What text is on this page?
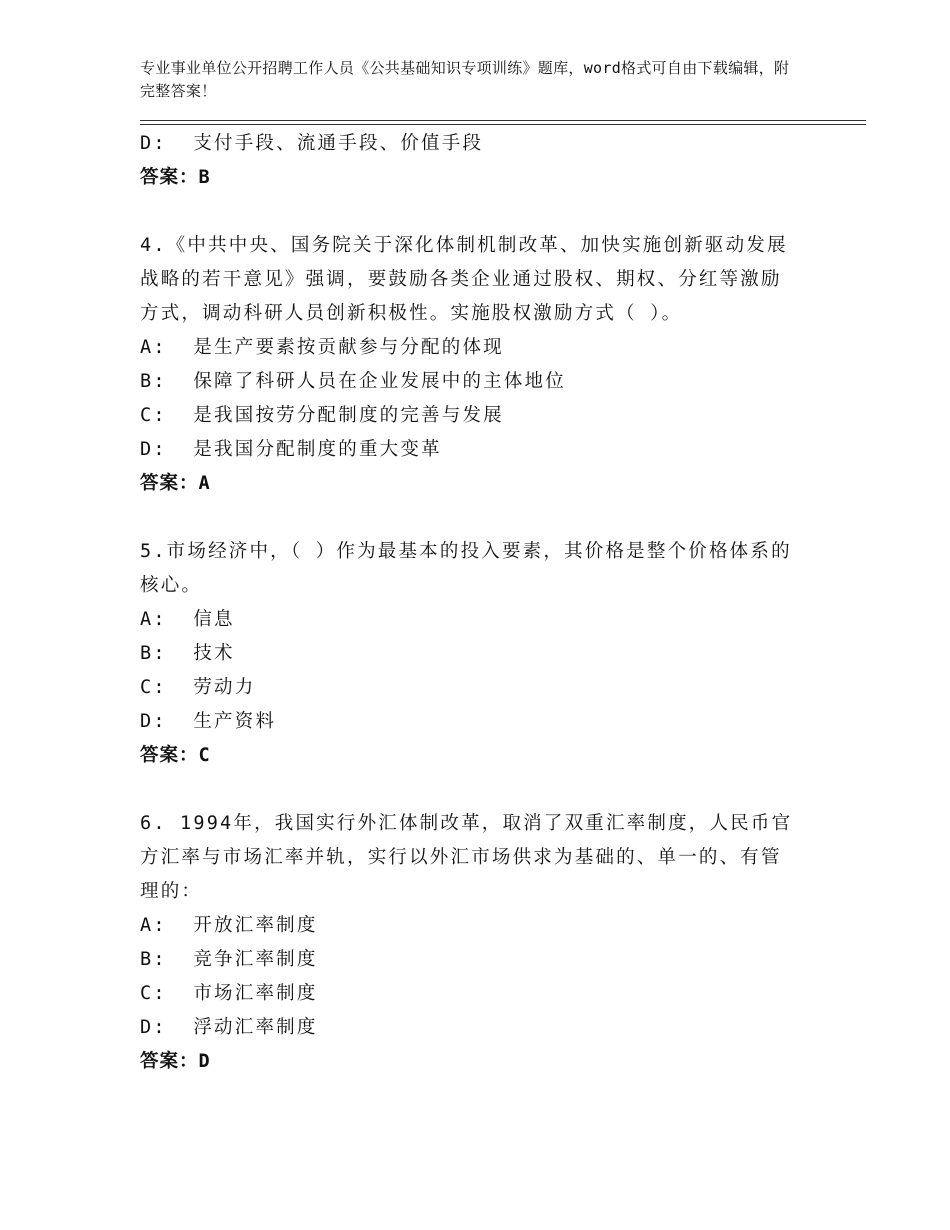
专业事业单位公开招聘工作人员《公共基础知识专项训练》题库，word格式可自由下载编辑，附完整答案！

D:  支付手段、流通手段、价值手段

答案：B

4.《中共中央、国务院关于深化体制机制改革、加快实施创新驱动发展战略的若干意见》强调，要鼓励各类企业通过股权、期权、分红等激励方式，调动科研人员创新积极性。实施股权激励方式（ ）。

A:  是生产要素按贡献参与分配的体现

B:  保障了科研人员在企业发展中的主体地位

C:  是我国按劳分配制度的完善与发展

D:  是我国分配制度的重大变革

答案：A

5.市场经济中，（ ）作为最基本的投入要素，其价格是整个价格体系的核心。

A:  信息

B:  技术

C:  劳动力

D:  生产资料

答案：C

6. 1994年，我国实行外汇体制改革，取消了双重汇率制度，人民币官方汇率与市场汇率并轨，实行以外汇市场供求为基础的、单一的、有管理的：

A:  开放汇率制度

B:  竞争汇率制度

C:  市场汇率制度

D:  浮动汇率制度

答案：D
